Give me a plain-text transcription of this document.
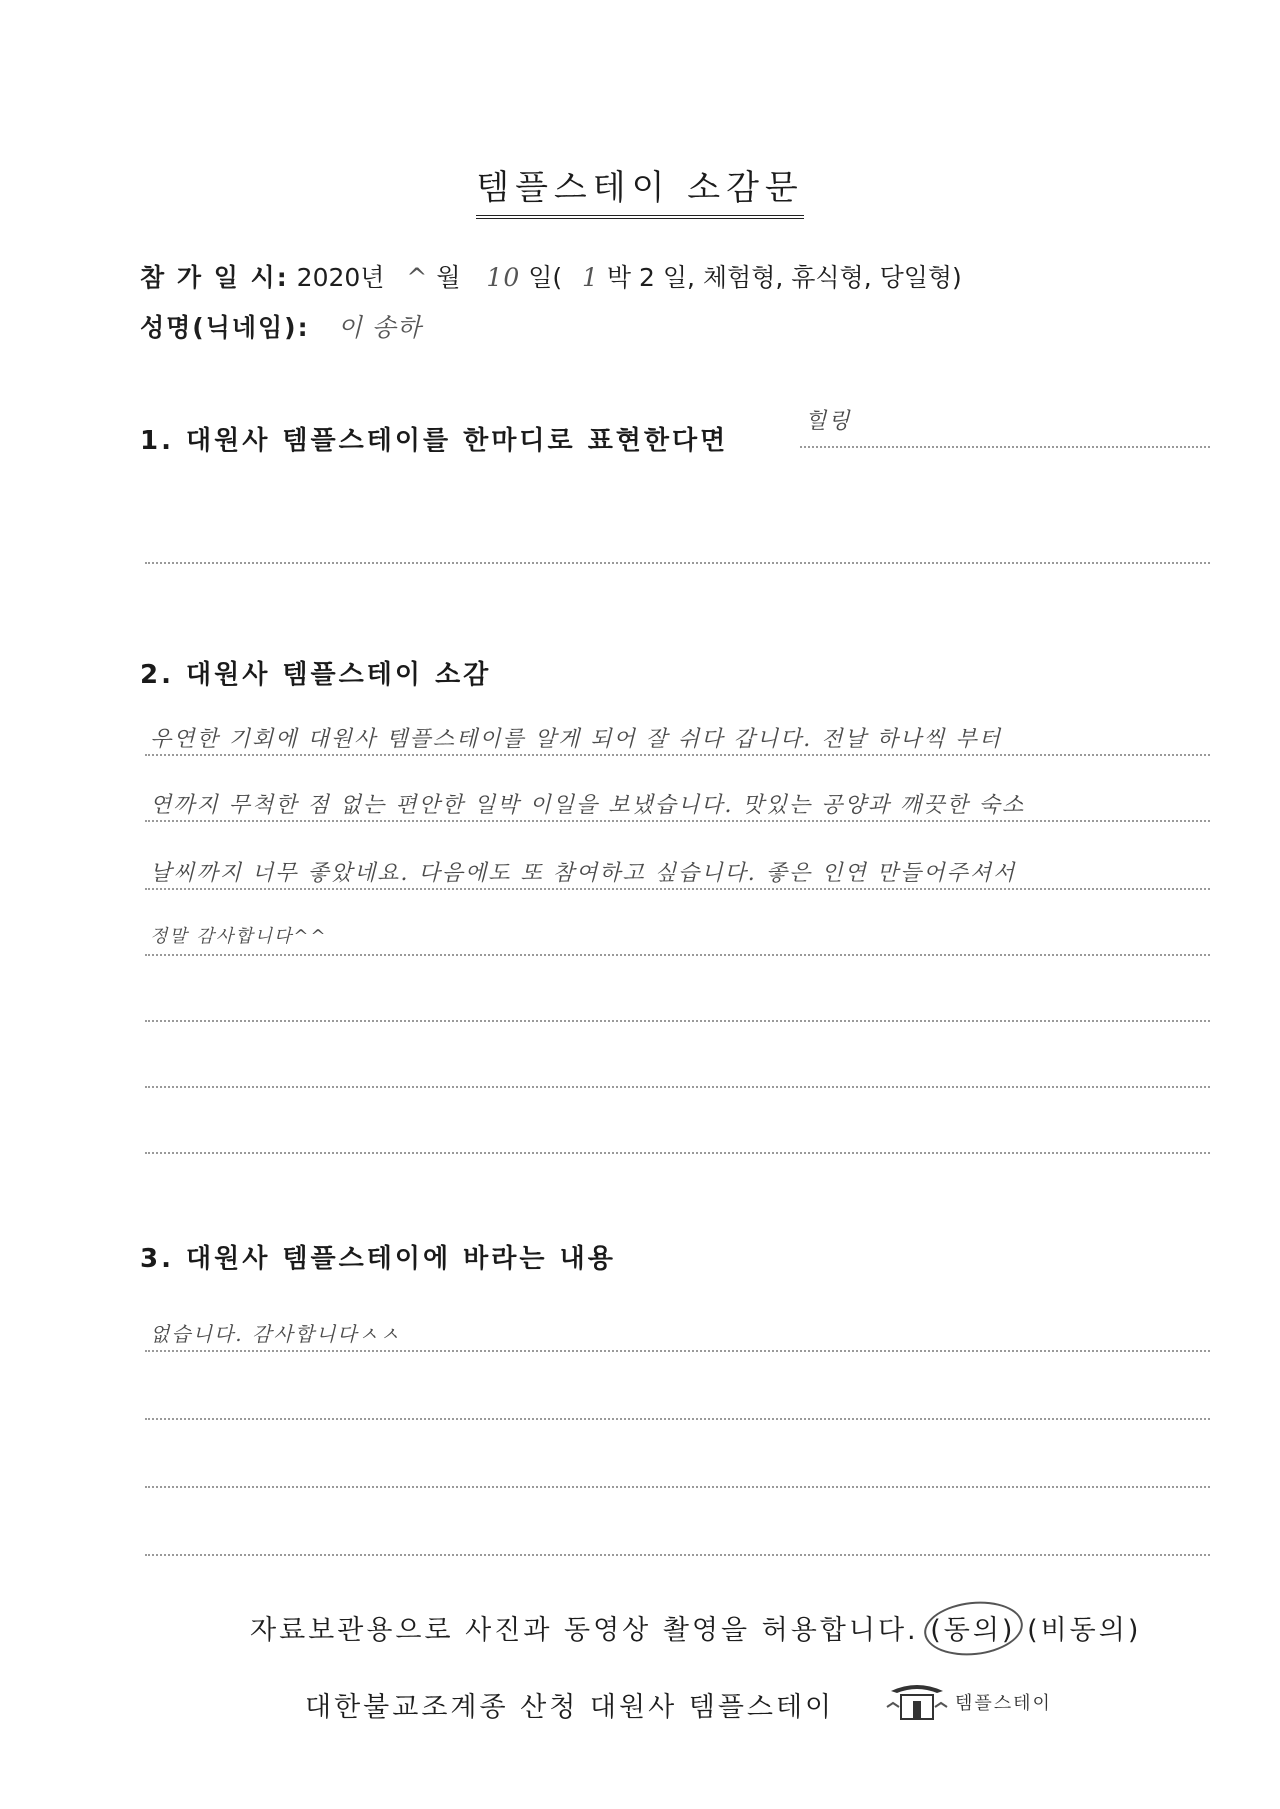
템플스테이 소감문
참 가 일 시: 2020년 ^ 월 10 일( 1 박 2 일, 체험형, 휴식형, 당일형)
성명(닉네임): 이 송하
1. 대원사 템플스테이를 한마디로 표현한다면
힐링
2. 대원사 템플스테이 소감
우연한 기회에 대원사 템플스테이를 알게 되어 잘 쉬다 갑니다. 전날 하나씩 부터
연까지 무척한 점 없는 편안한 일박 이일을 보냈습니다. 맛있는 공양과 깨끗한 숙소
날씨까지 너무 좋았네요. 다음에도 또 참여하고 싶습니다. 좋은 인연 만들어주셔서
정말 감사합니다^^
3. 대원사 템플스테이에 바라는 내용
없습니다. 감사합니다ㅅㅅ
자료보관용으로 사진과 동영상 촬영을 허용합니다. (동의) (비동의)
대한불교조계종 산청 대원사 템플스테이	템플스테이
